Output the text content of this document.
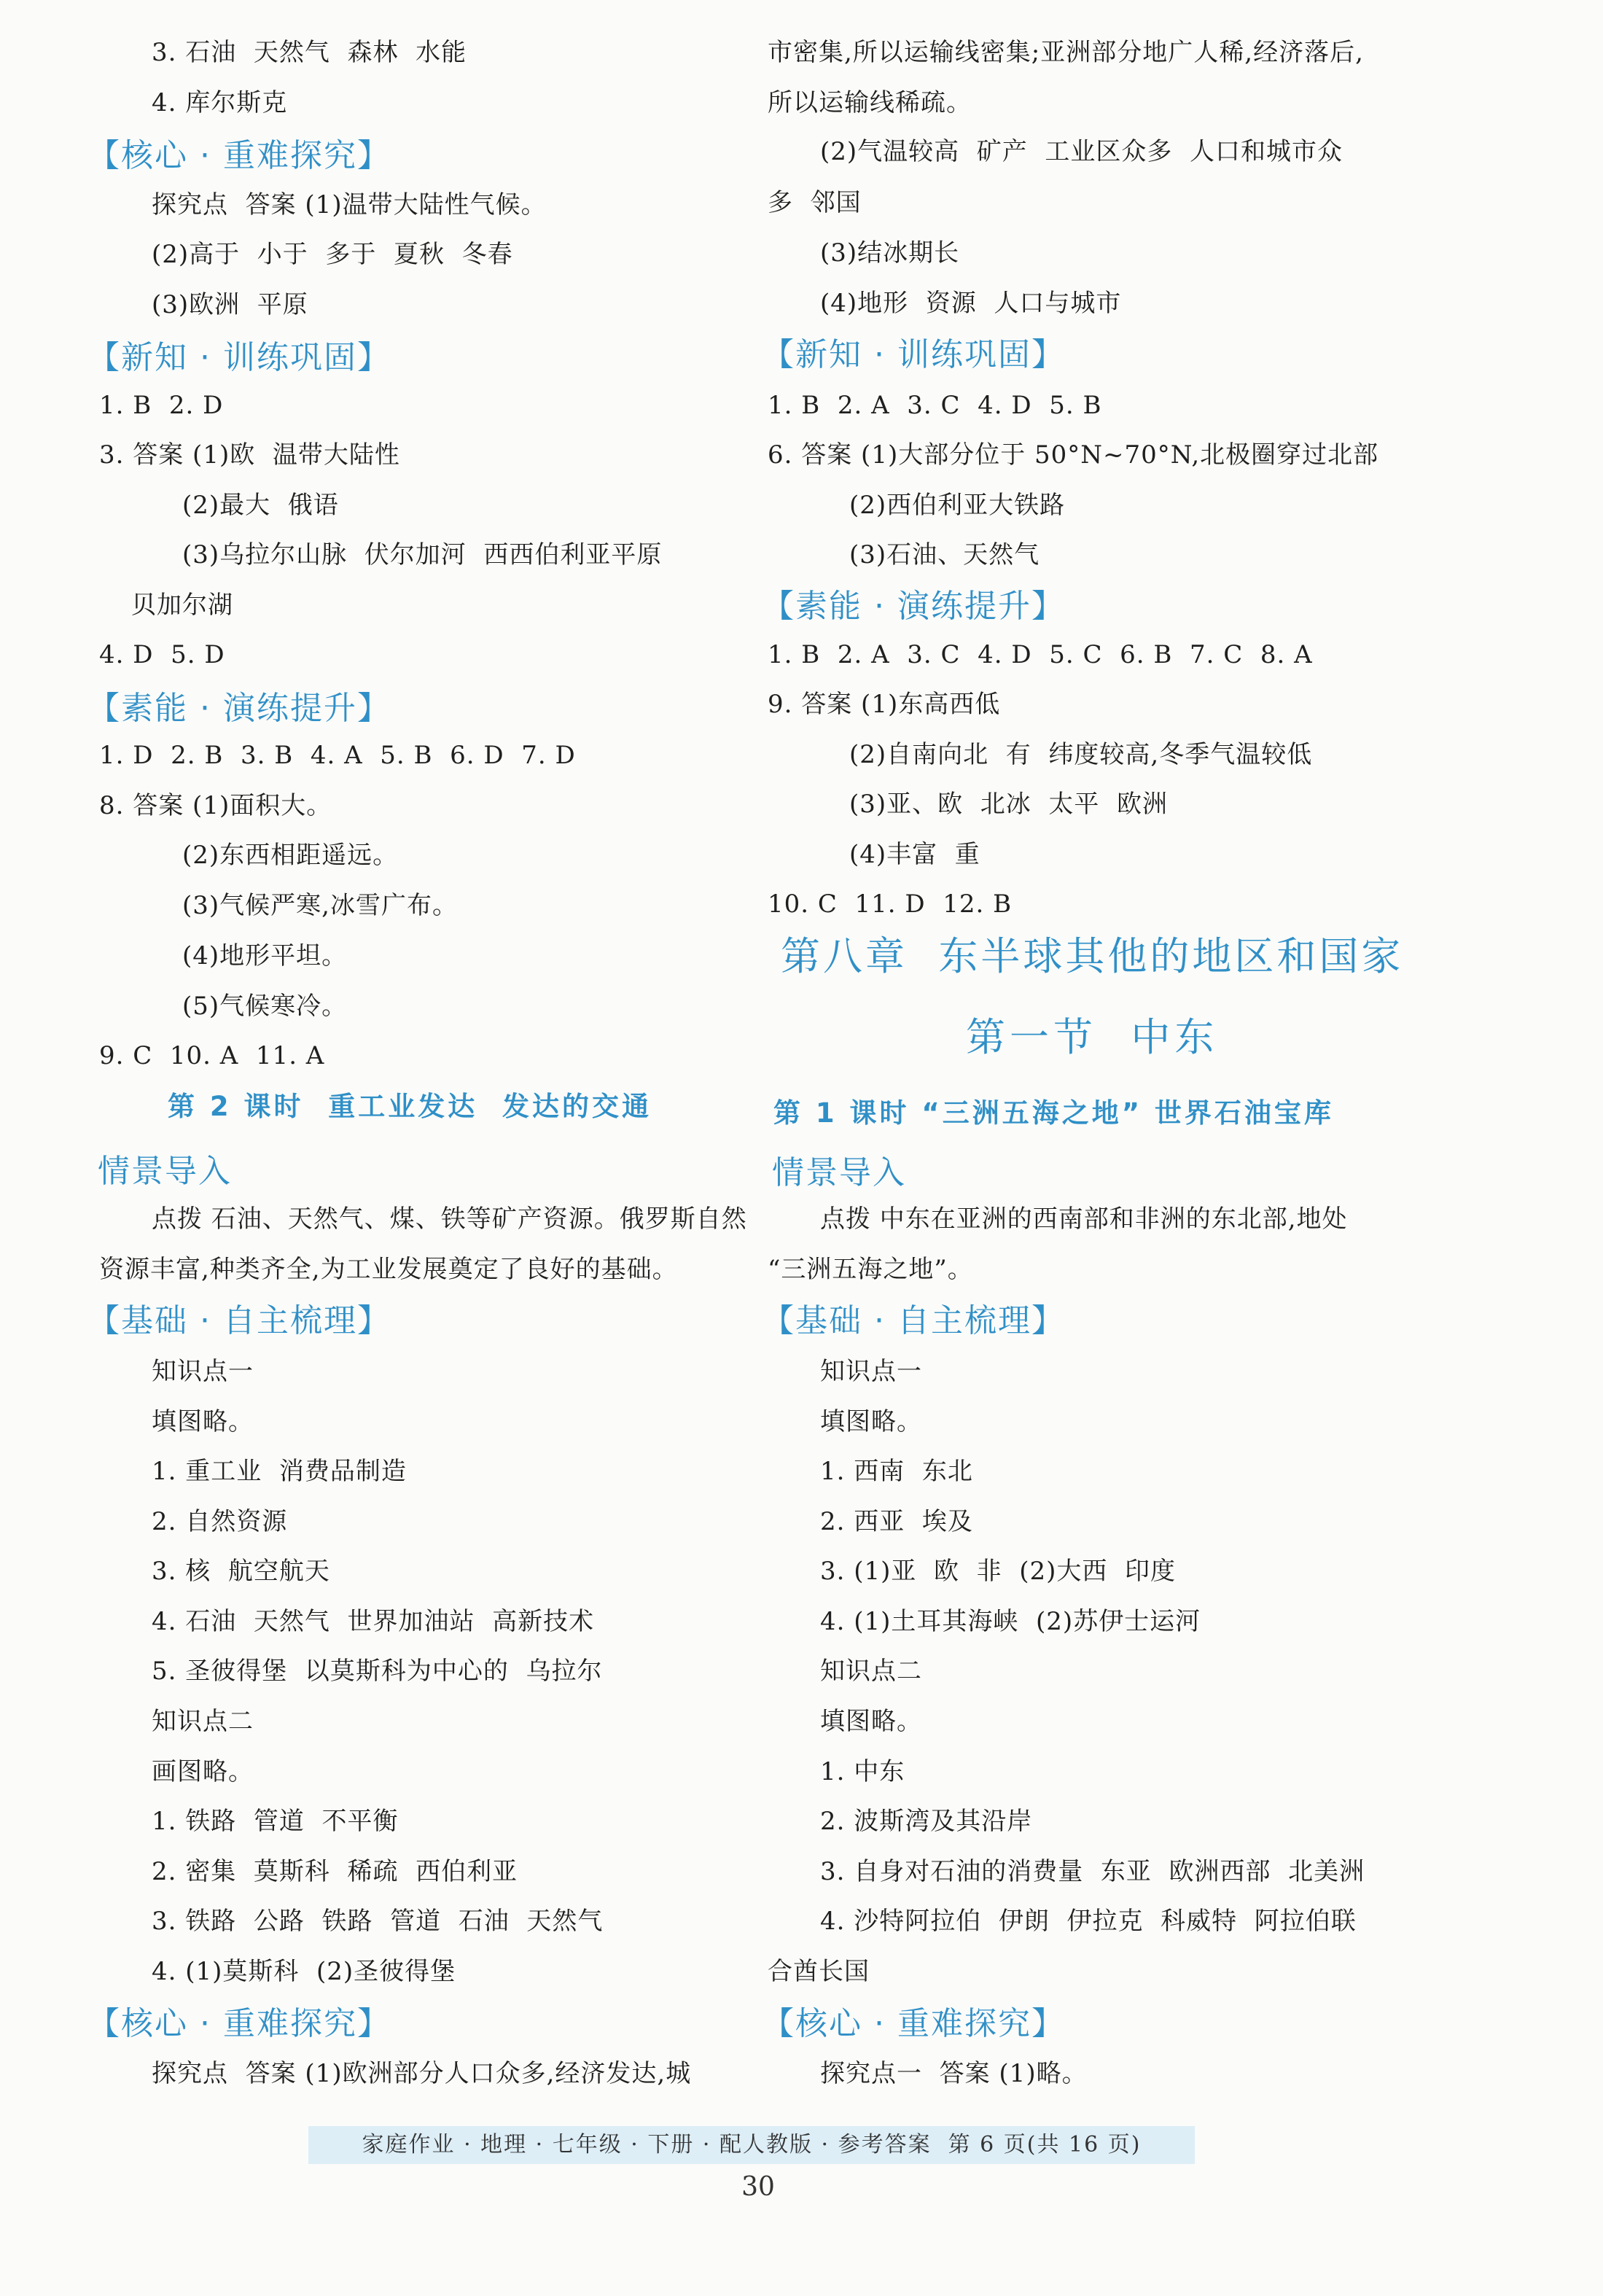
3. 石油  天然气  森林  水能
4. 库尔斯克
【核心 · 重难探究】
探究点  答案 (1)温带大陆性气候。
(2)高于  小于  多于  夏秋  冬春
(3)欧洲  平原
【新知 · 训练巩固】
1. B  2. D
3. 答案 (1)欧  温带大陆性
(2)最大  俄语
(3)乌拉尔山脉  伏尔加河  西西伯利亚平原
贝加尔湖
4. D  5. D
【素能 · 演练提升】
1. D  2. B  3. B  4. A  5. B  6. D  7. D
8. 答案 (1)面积大。
(2)东西相距遥远。
(3)气候严寒,冰雪广布。
(4)地形平坦。
(5)气候寒冷。
9. C  10. A  11. A
第 2 课时  重工业发达  发达的交通
情景导入
点拨 石油、天然气、煤、铁等矿产资源。俄罗斯自然
资源丰富,种类齐全,为工业发展奠定了良好的基础。
【基础 · 自主梳理】
知识点一
填图略。
1. 重工业  消费品制造
2. 自然资源
3. 核  航空航天
4. 石油  天然气  世界加油站  高新技术
5. 圣彼得堡  以莫斯科为中心的  乌拉尔
知识点二
画图略。
1. 铁路  管道  不平衡
2. 密集  莫斯科  稀疏  西伯利亚
3. 铁路  公路  铁路  管道  石油  天然气
4. (1)莫斯科  (2)圣彼得堡
【核心 · 重难探究】
探究点  答案 (1)欧洲部分人口众多,经济发达,城
市密集,所以运输线密集;亚洲部分地广人稀,经济落后,
所以运输线稀疏。
(2)气温较高  矿产  工业区众多  人口和城市众
多  邻国
(3)结冰期长
(4)地形  资源  人口与城市
【新知 · 训练巩固】
1. B  2. A  3. C  4. D  5. B
6. 答案 (1)大部分位于 50°N~70°N,北极圈穿过北部
(2)西伯利亚大铁路
(3)石油、天然气
【素能 · 演练提升】
1. B  2. A  3. C  4. D  5. C  6. B  7. C  8. A
9. 答案 (1)东高西低
(2)自南向北  有  纬度较高,冬季气温较低
(3)亚、欧  北冰  太平  欧洲
(4)丰富  重
10. C  11. D  12. B
第八章  东半球其他的地区和国家
第一节  中东
第 1 课时 “三洲五海之地” 世界石油宝库
情景导入
点拨 中东在亚洲的西南部和非洲的东北部,地处
“三洲五海之地”。
【基础 · 自主梳理】
知识点一
填图略。
1. 西南  东北
2. 西亚  埃及
3. (1)亚  欧  非  (2)大西  印度
4. (1)土耳其海峡  (2)苏伊士运河
知识点二
填图略。
1. 中东
2. 波斯湾及其沿岸
3. 自身对石油的消费量  东亚  欧洲西部  北美洲
4. 沙特阿拉伯  伊朗  伊拉克  科威特  阿拉伯联
合酋长国
【核心 · 重难探究】
探究点一  答案 (1)略。
家庭作业 · 地理 · 七年级 · 下册 · 配人教版 · 参考答案  第 6 页(共 16 页)
30
